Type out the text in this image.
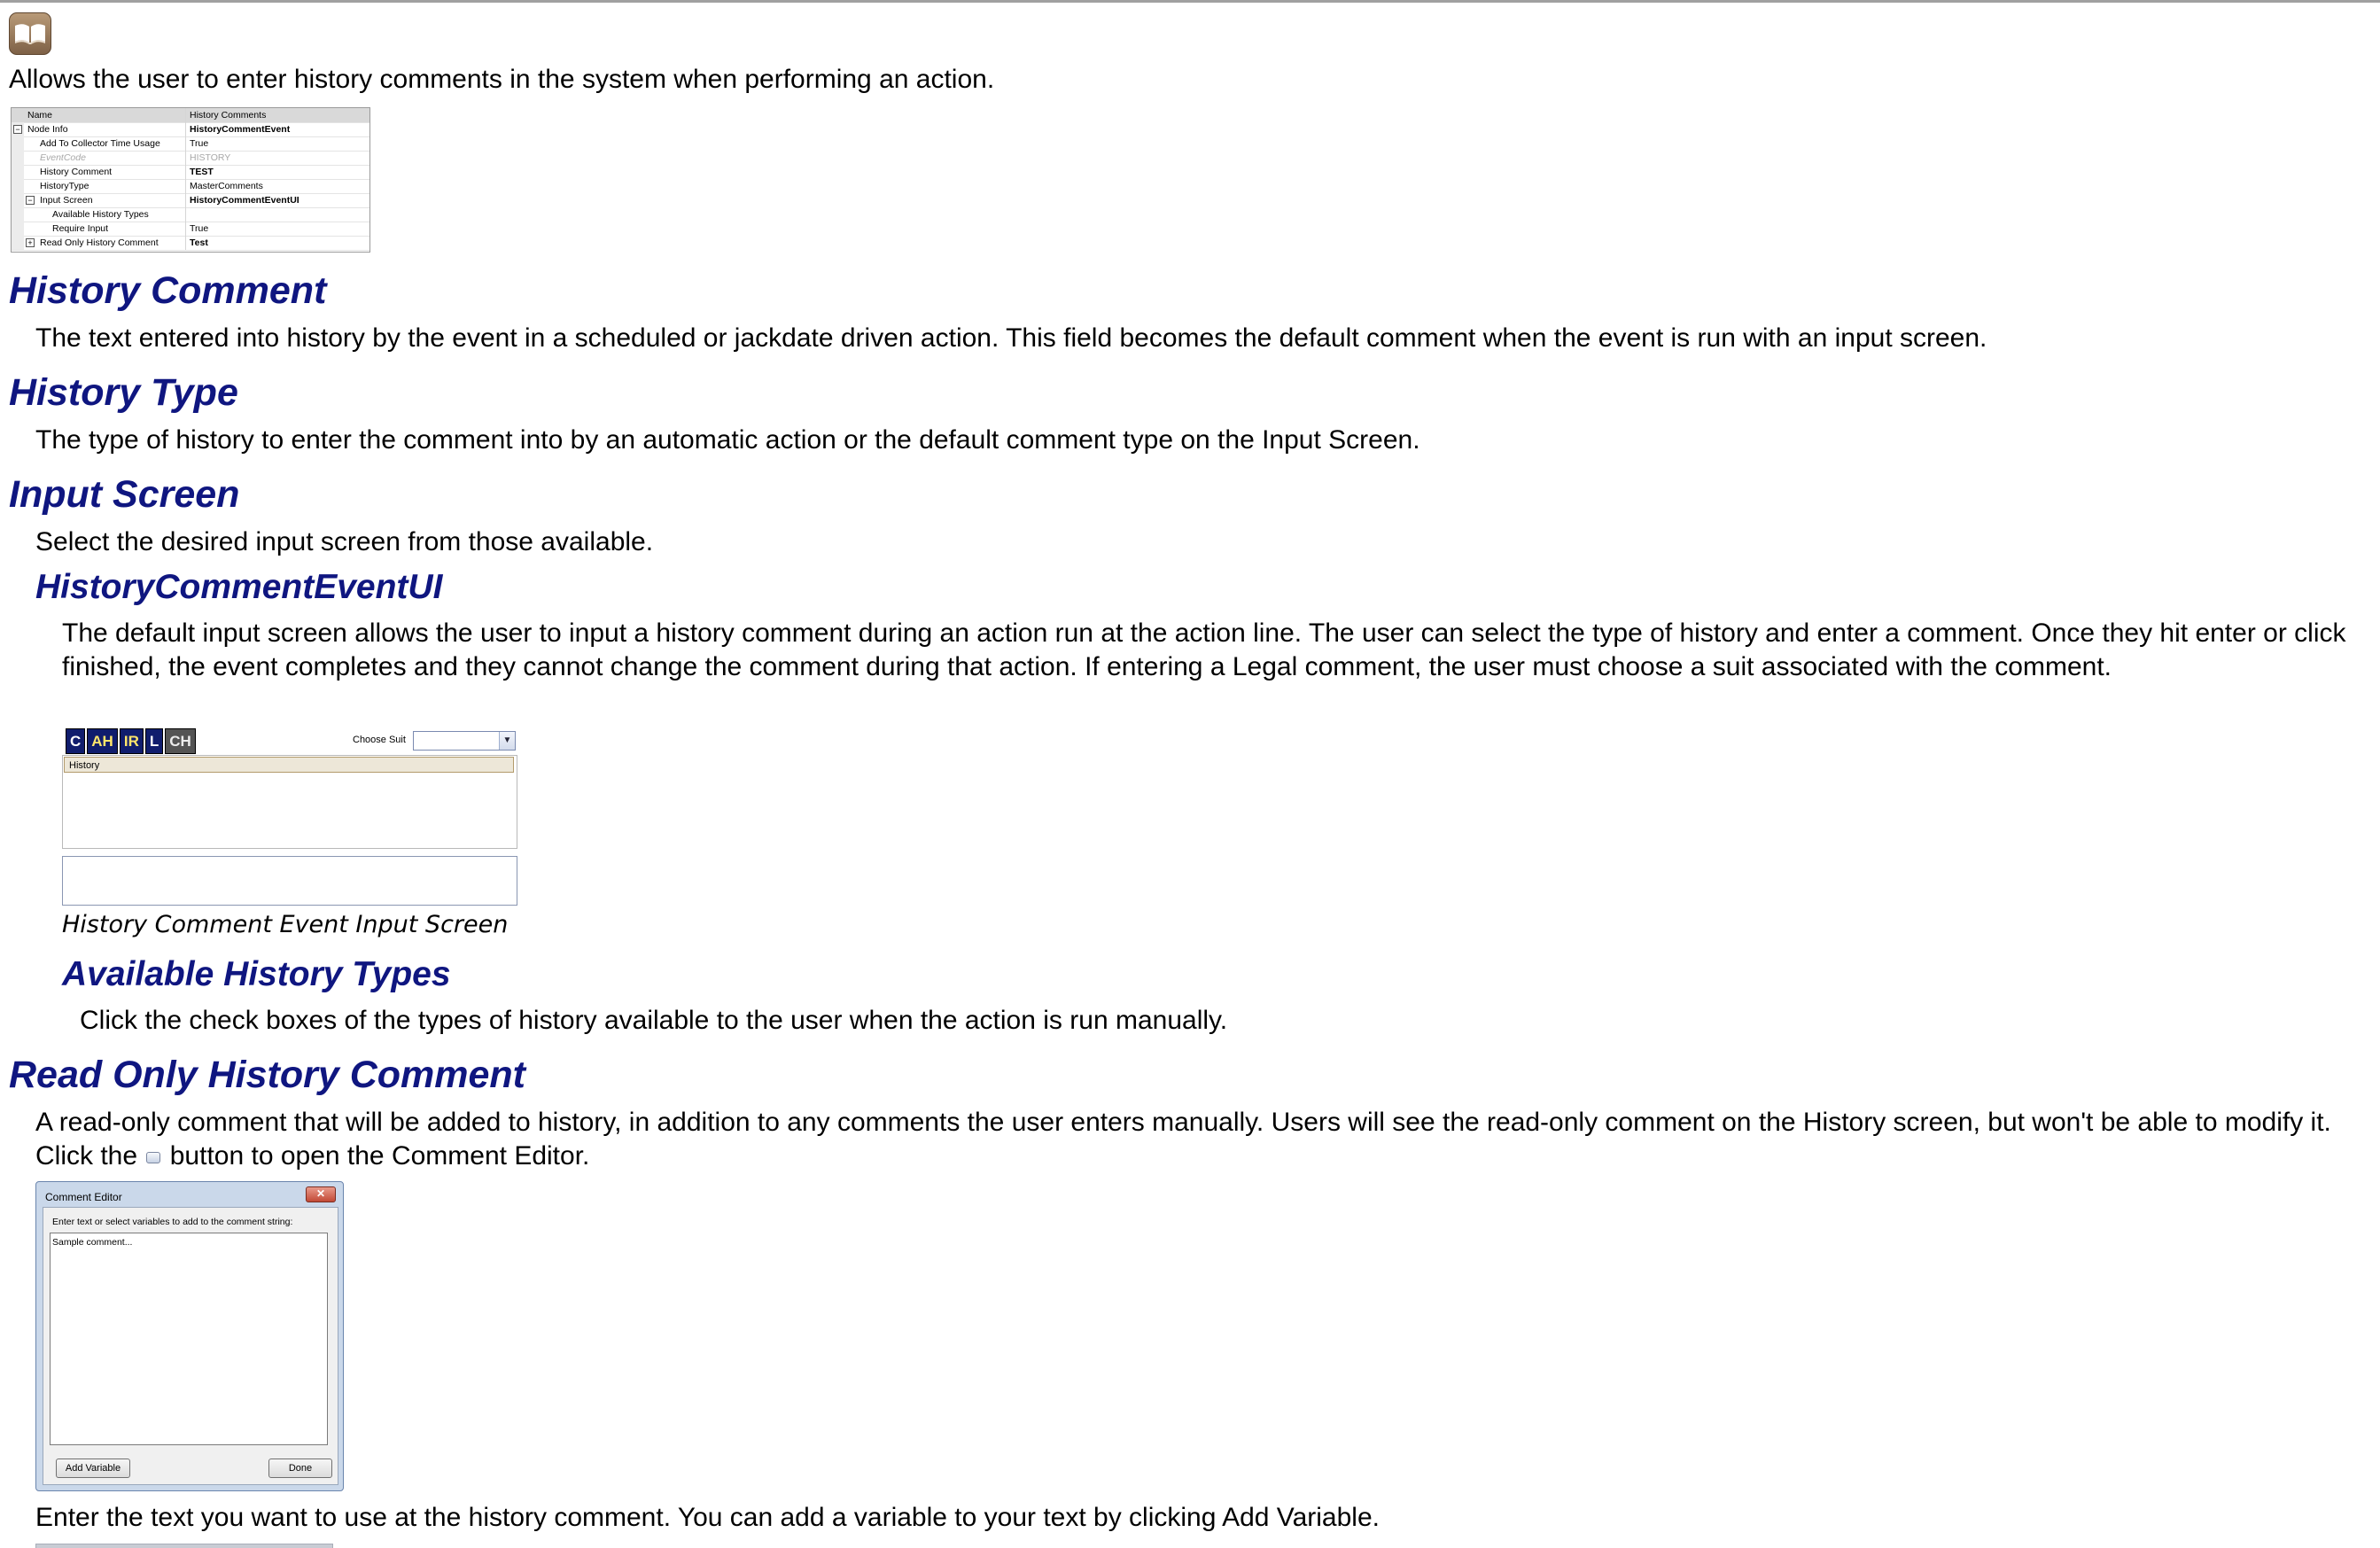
Allows the user to enter history comments in the system when performing an action.
Name	History Comments
− Node Info	HistoryCommentEvent
Add To Collector Time Usage	True
EventCode	HISTORY
History Comment	TEST
HistoryType	MasterComments
− Input Screen	HistoryCommentEventUI
Available History Types
Require Input	True
+ Read Only History Comment	Test
History Comment
The text entered into history by the event in a scheduled or jackdate driven action. This field becomes the default comment when the event is run with an input screen.
History Type
The type of history to enter the comment into by an automatic action or the default comment type on the Input Screen.
Input Screen
Select the desired input screen from those available.
HistoryCommentEventUI
The default input screen allows the user to input a history comment during an action run at the action line. The user can select the type of history and enter a comment. Once they hit enter or click finished, the event completes and they cannot change the comment during that action. If entering a Legal comment, the user must choose a suit associated with the comment.
C AH IR L CH	Choose Suit	▼
History
History Comment Event Input Screen
Available History Types
Click the check boxes of the types of history available to the user when the action is run manually.
Read Only History Comment
A read-only comment that will be added to history, in addition to any comments the user enters manually. Users will see the read-only comment on the History screen, but won't be able to modify it. Click the button to open the Comment Editor.
Comment Editor	✕
Enter text or select variables to add to the comment string:
Sample comment...
Add Variable	Done
Enter the text you want to use at the history comment. You can add a variable to your text by clicking Add Variable.
